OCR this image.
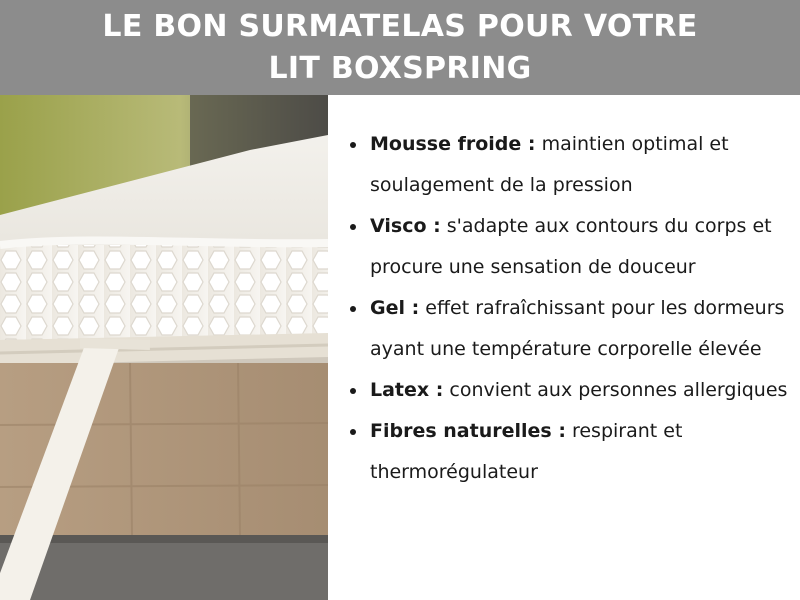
LE BON SURMATELAS POUR VOTRE
LIT BOXSPRING
Mousse froide : maintien optimal et soulagement de la pression
Visco : s'adapte aux contours du corps et procure une sensation de douceur
Gel : effet rafraîchissant pour les dormeurs ayant une température corporelle élevée
Latex : convient aux personnes allergiques
Fibres naturelles : respirant et thermorégulateur
